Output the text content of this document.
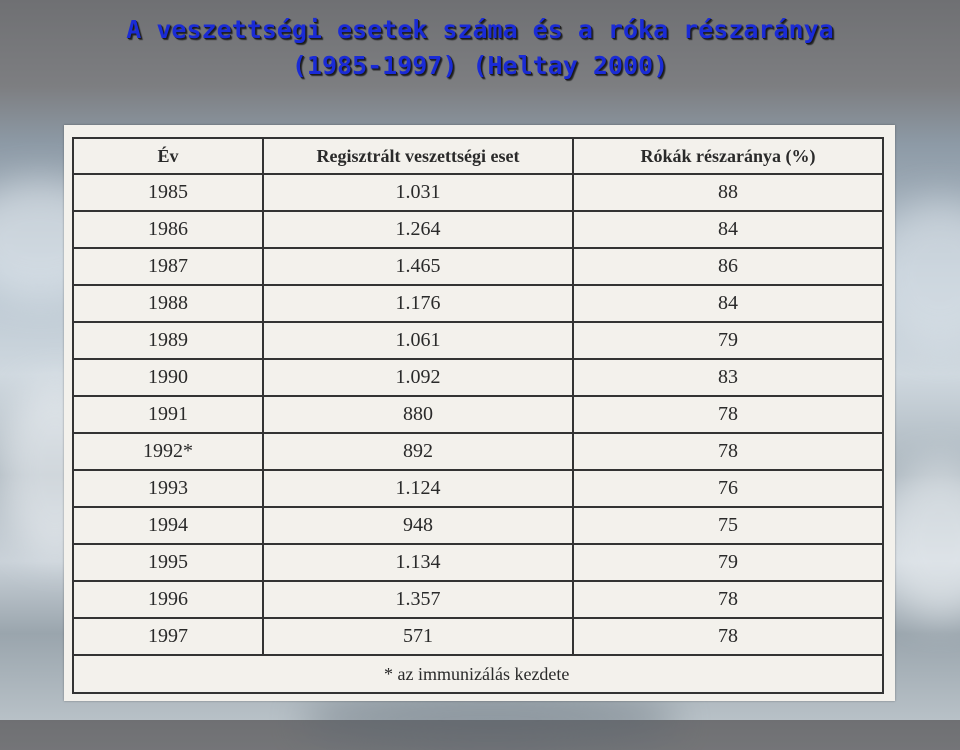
A veszettségi esetek száma és a róka részaránya
(1985-1997) (Heltay 2000)
Év	Regisztrált veszettségi eset	Rókák részaránya (%)
1985	1.031	88
1986	1.264	84
1987	1.465	86
1988	1.176	84
1989	1.061	79
1990	1.092	83
1991	880	78
1992*	892	78
1993	1.124	76
1994	948	75
1995	1.134	79
1996	1.357	78
1997	571	78

* az immunizálás kezdete		
